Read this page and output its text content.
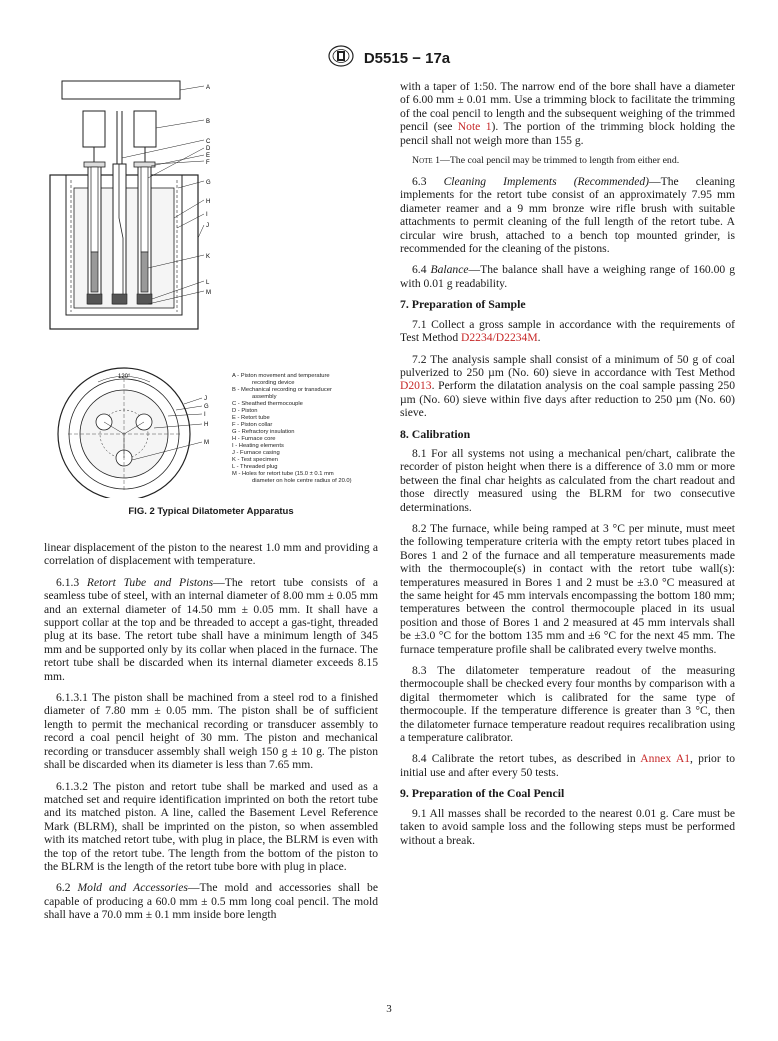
D5515 − 17a
A
B
C
D
E
F
G
H
I
J
K
L
M
120°
J
G
I
H
M
A - Piston movement and temperature
recording device
B - Mechanical recording or transducer
assembly
C - Sheathed thermocouple
D - Piston
E - Retort tube
F - Piston collar
G - Refractory insulation
H - Furnace core
I - Heating elements
J - Furnace casing
K - Test specimen
L - Threaded plug
M - Holes for retort tube (15.0 ± 0.1 mm
diameter on hole centre radius of 20.0)
FIG. 2 Typical Dilatometer Apparatus

linear displacement of the piston to the nearest 1.0 mm and providing a correlation of displacement with temperature.

6.1.3 Retort Tube and Pistons—The retort tube consists of a seamless tube of steel, with an internal diameter of 8.00 mm ± 0.05 mm and an external diameter of 14.50 mm ± 0.05 mm. It shall have a support collar at the top and be threaded to accept a gas-tight, threaded plug at its base. The retort tube shall have a minimum length of 345 mm and be supported only by its collar when placed in the furnace. The retort tube shall be discarded when its internal diameter exceeds 8.15 mm.

6.1.3.1 The piston shall be machined from a steel rod to a finished diameter of 7.80 mm ± 0.05 mm. The piston shall be of sufficient length to permit the mechanical recording or transducer assembly to record a coal pencil height of 30 mm. The piston and mechanical recording or transducer assembly shall weigh 150 g ± 10 g. The piston shall be discarded when its diameter is less than 7.65 mm.

6.1.3.2 The piston and retort tube shall be marked and used as a matched set and require identification imprinted on both the retort tube and its matched piston. A line, called the Basement Level Reference Mark (BLRM), shall be imprinted on the piston, so when assembled with its matched retort tube, with plug in place, the BLRM is even with the top of the retort tube. The length from the bottom of the piston to the BLRM is the length of the retort tube bore with plug in place.

6.2 Mold and Accessories—The mold and accessories shall be capable of producing a 60.0 mm ± 0.5 mm long coal pencil. The mold shall have a 70.0 mm ± 0.1 mm inside bore length

with a taper of 1:50. The narrow end of the bore shall have a diameter of 6.00 mm ± 0.01 mm. Use a trimming block to facilitate the trimming of the coal pencil to length and the subsequent weighing of the trimmed pencil (see Note 1). The portion of the trimming block holding the pencil shall not weigh more than 155 g.

Note 1—The coal pencil may be trimmed to length from either end.

6.3 Cleaning Implements (Recommended)—The cleaning implements for the retort tube consist of an approximately 7.95 mm diameter reamer and a 9 mm bronze wire rifle brush with suitable attachments to permit cleaning of the full length of the retort tube. A circular wire brush, attached to a bench top mounted grinder, is recommended for the cleaning of the pistons.

6.4 Balance—The balance shall have a weighing range of 160.00 g with 0.01 g readability.

7. Preparation of Sample

7.1 Collect a gross sample in accordance with the requirements of Test Method D2234/D2234M.

7.2 The analysis sample shall consist of a minimum of 50 g of coal pulverized to 250 µm (No. 60) sieve in accordance with Test Method D2013. Perform the dilatation analysis on the coal sample passing 250 µm (No. 60) sieve within five days after reduction to 250 µm (No. 60) sieve.

8. Calibration

8.1 For all systems not using a mechanical pen/chart, calibrate the recorder of piston height when there is a difference of 3.0 mm or more between the final char heights as calculated from the chart readout and those directly measured using the BLRM for two consecutive determinations.

8.2 The furnace, while being ramped at 3 °C per minute, must meet the following temperature criteria with the empty retort tubes placed in Bores 1 and 2 of the furnace and all temperature measurements made with the thermocouple(s) in contact with the retort tube wall(s): temperatures measured in Bores 1 and 2 must be ±3.0 °C measured at the same height for 45 mm intervals encompassing the bottom 180 mm; temperatures between the control thermocouple placed in its usual position and those of Bores 1 and 2 measured at 45 mm intervals shall be ±3.0 °C for the bottom 135 mm and ±6 °C for the next 45 mm. The furnace temperature profile shall be calibrated every twelve months.

8.3 The dilatometer temperature readout of the measuring thermocouple shall be checked every four months by comparison with a digital thermometer which is calibrated for the same type of thermocouple. If the temperature difference is greater than 3 °C, then the dilatometer furnace temperature readout requires recalibration using a temperature calibrator.

8.4 Calibrate the retort tubes, as described in Annex A1, prior to initial use and after every 50 tests.

9. Preparation of the Coal Pencil

9.1 All masses shall be recorded to the nearest 0.01 g. Care must be taken to avoid sample loss and the following steps must be performed without a break.

3
